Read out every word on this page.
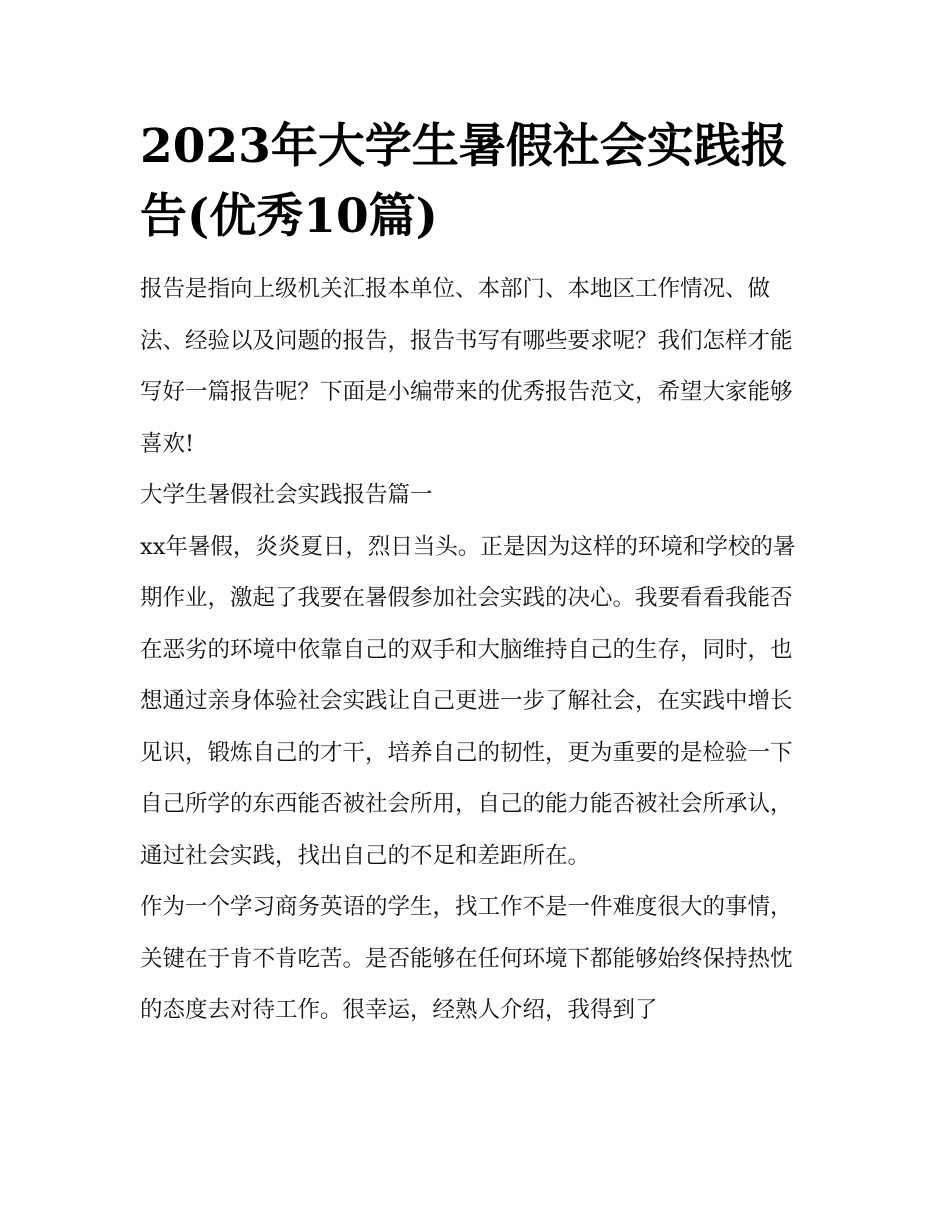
2023年大学生暑假社会实践报告(优秀10篇)

报告是指向上级机关汇报本单位、本部门、本地区工作情况、做法、经验以及问题的报告，报告书写有哪些要求呢？我们怎样才能写好一篇报告呢？下面是小编带来的优秀报告范文，希望大家能够喜欢!

大学生暑假社会实践报告篇一

xx年暑假，炎炎夏日，烈日当头。正是因为这样的环境和学校的暑期作业，激起了我要在暑假参加社会实践的决心。我要看看我能否在恶劣的环境中依靠自己的双手和大脑维持自己的生存，同时，也想通过亲身体验社会实践让自己更进一步了解社会，在实践中增长见识，锻炼自己的才干，培养自己的韧性，更为重要的是检验一下自己所学的东西能否被社会所用，自己的能力能否被社会所承认，通过社会实践，找出自己的不足和差距所在。

作为一个学习商务英语的学生，找工作不是一件难度很大的事情，关键在于肯不肯吃苦。是否能够在任何环境下都能够始终保持热忱的态度去对待工作。很幸运，经熟人介绍，我得到了
